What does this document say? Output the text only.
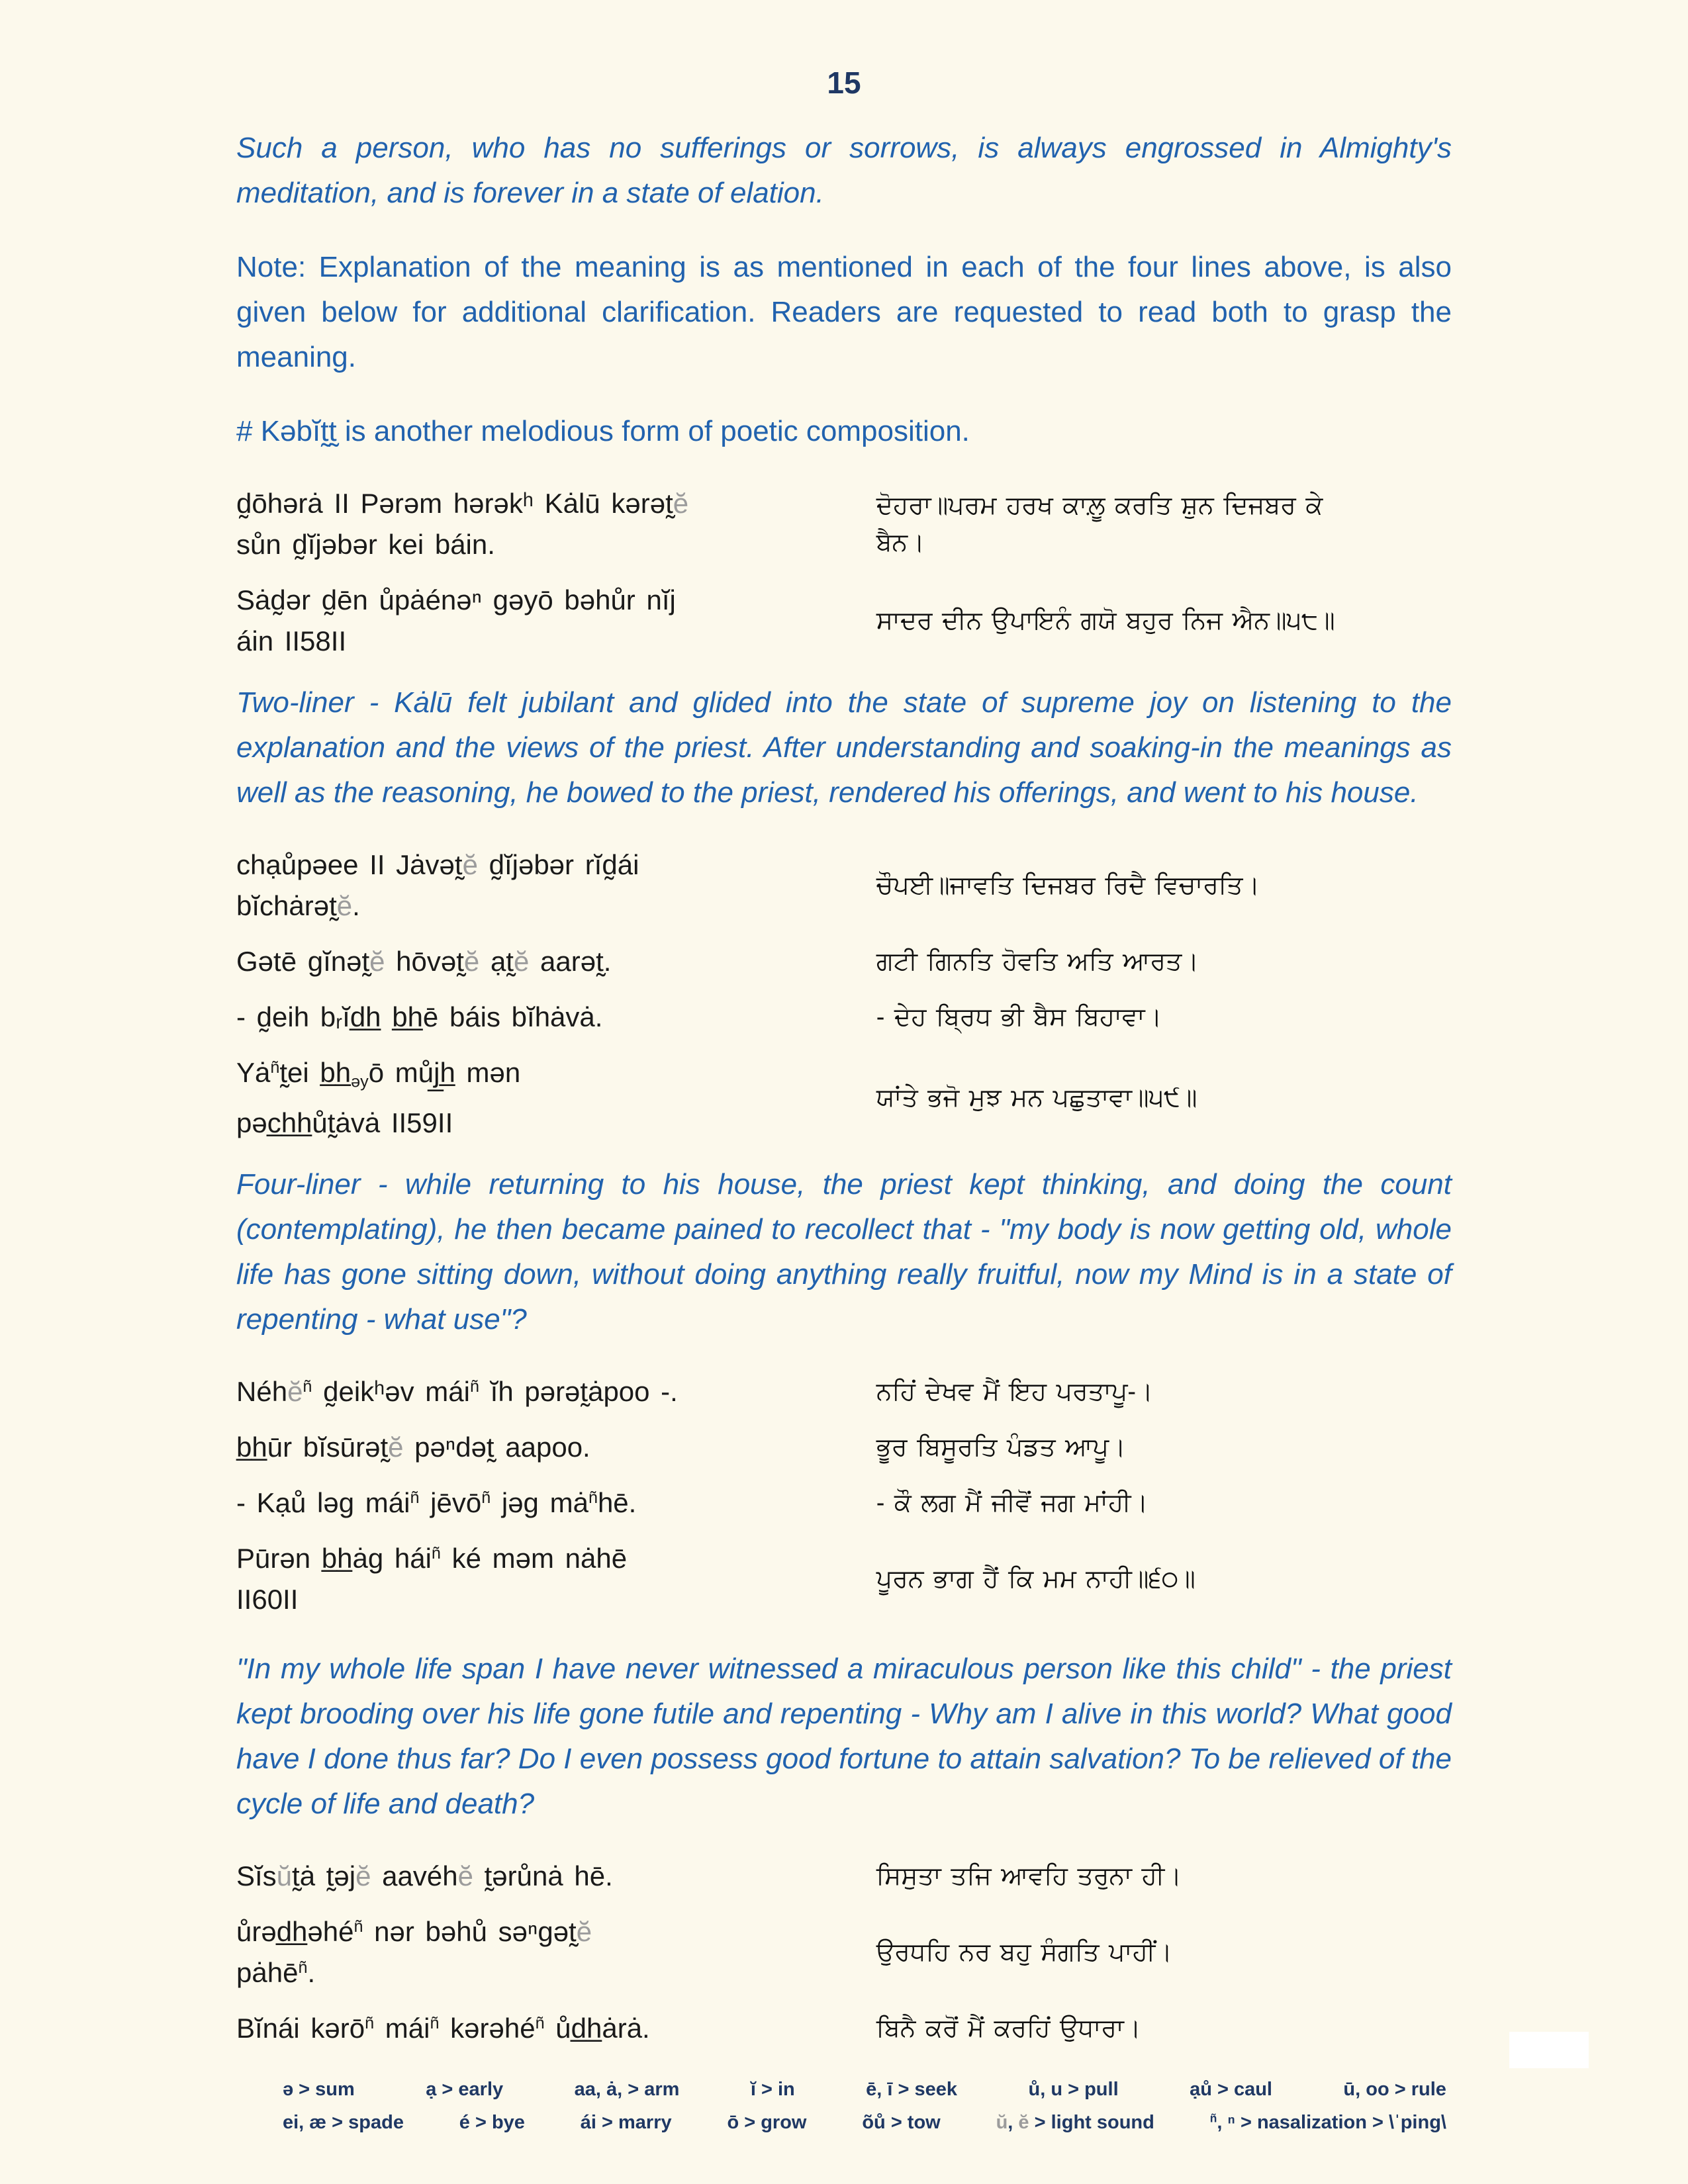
15

Such a person, who has no sufferings or sorrows, is always engrossed in Almighty's meditation, and is forever in a state of elation.

Note: Explanation of the meaning is as mentioned in each of the four lines above, is also given below for additional clarification. Readers are requested to read both to grasp the meaning.

# Kəbĭt̰t̰ is another melodious form of poetic composition.

d̰ōhərȧ II Pərəm hərəkʰ Kȧlū kərət̰ĕ
sůn d̰ĭjəbər kei báin.
ਦੋਹਰਾ॥ਪਰਮ ਹਰਖ ਕਾਲ਼ੂ ਕਰਤਿ ਸ਼ੁਨ ਦਿਜਬਰ ਕੇ
ਬੈਨ।
Sȧd̰ər d̰ēn ůpȧénəⁿ gəyō bəhůr nĭj
áin II58II
ਸਾਦਰ ਦੀਨ ਉਪਾਇਨੰ ਗਯੋ ਬਹੁਰ ਨਿਜ ਐਨ॥੫੮॥

Two-liner - Kȧlū felt jubilant and glided into the state of supreme joy on listening to the explanation and the views of the priest. After understanding and soaking-in the meanings as well as the reasoning, he bowed to the priest, rendered his offerings, and went to his house.

chạůpəee II Jȧvət̰ĕ d̰ĭjəbər rĭd̰ái
bĭchȧrət̰ĕ.
ਚੌਪਈ॥ਜਾਵਤਿ ਦਿਜਬਰ ਰਿਦੈ ਵਿਚਾਰਤਿ।
Gətē gĭnət̰ĕ hōvət̰ĕ ạt̰ĕ aarət̰.	ਗਟੀ ਗਿਨਤਿ ਹੋਵਤਿ ਅਤਿ ਆਰਤ।
- d̰eih bᵣĭd̲h̲ b̲h̲ē báis bĭhȧvȧ.	- ਦੇਹ ਬ੍ਰਿਧ ਭੀ ਬੈਸ ਬਿਹਾਵਾ।
$Yȧ^{ñ}t̰ei$ $b̲h̲_{əy}ō$ můj̲h̲ mən
pəc̲h̲h̲ůt̰ȧvȧ II59II
ਯਾਂਤੇ ਭਜੋ ਮੁਝ ਮਨ ਪਛੁਤਾਵਾ॥੫੯॥

Four-liner - while returning to his house, the priest kept thinking, and doing the count (contemplating), he then became pained to recollect that - "my body is now getting old, whole life has gone sitting down, without doing anything really fruitful, now my Mind is in a state of repenting - what use"?

Néhĕ$^{ñ}$ d̰eikʰəv mái$^{ñ}$ ĭh pərət̰ȧpoo -.	ਨਹਿਂ ਦੇਖਵ ਮੈਂ ਇਹ ਪਰਤਾਪੂ-।
b̲h̲ūr bĭsūrət̰ĕ pəⁿdət̰ aapoo.	ਭੂਰ ਬਿਸੂਰਤਿ ਪੰਡਤ ਆਪੂ।
- Kạů ləg mái$^{ñ}$ jēvō$^{ñ}$ jəg $mȧ^{ñ}hē$.	- ਕੌ ਲਗ ਮੈਂ ਜੀਵੋਂ ਜਗ ਮਾਂਹੀ।
Pūrən b̲h̲ȧg hái$^{ñ}$ ké məm nȧhē
II60II
ਪੂਰਨ ਭਾਗ ਹੈਂ ਕਿ ਮਮ ਨਾਹੀ॥੬੦॥

"In my whole life span I have never witnessed a miraculous person like this child" - the priest kept brooding over his life gone futile and repenting - Why am I alive in this world? What good have I done thus far? Do I even possess good fortune to attain salvation? To be relieved of the cycle of life and death?

Sĭsŭt̰ȧ t̰əjĕ aavéhĕ t̰ərůnȧ hē.	ਸਿਸੁਤਾ ਤਜਿ ਆਵਹਿ ਤਰੁਨਾ ਹੀ।
ůrəd̲h̲əhé$^{ñ}$ nər bəhů səⁿgət̰ĕ
pȧhē$^{ñ}$.
ਉਰਧਹਿ ਨਰ ਬਹੁ ਸੰਗਤਿ ਪਾਹੀਂ।
Bĭnái kərō$^{ñ}$ mái$^{ñ}$ kərəhé$^{ñ}$ ůd̲h̲ȧrȧ.	ਬਿਨੈ ਕਰੋਂ ਮੈਂ ਕਰਹਿਂ ਉਧਾਰਾ।
ə > sum	ạ > early	aa, ȧ, > arm	ĭ > in	ē, ī > seek	ů, u > pull	ạů > caul	ū, oo > rule
ei, æ > spade	é > bye	ái > marry	ō > grow	õů > tow	ŭ, ĕ > light sound	$^{ñ}$, ⁿ > nasalization > \ˈping\
